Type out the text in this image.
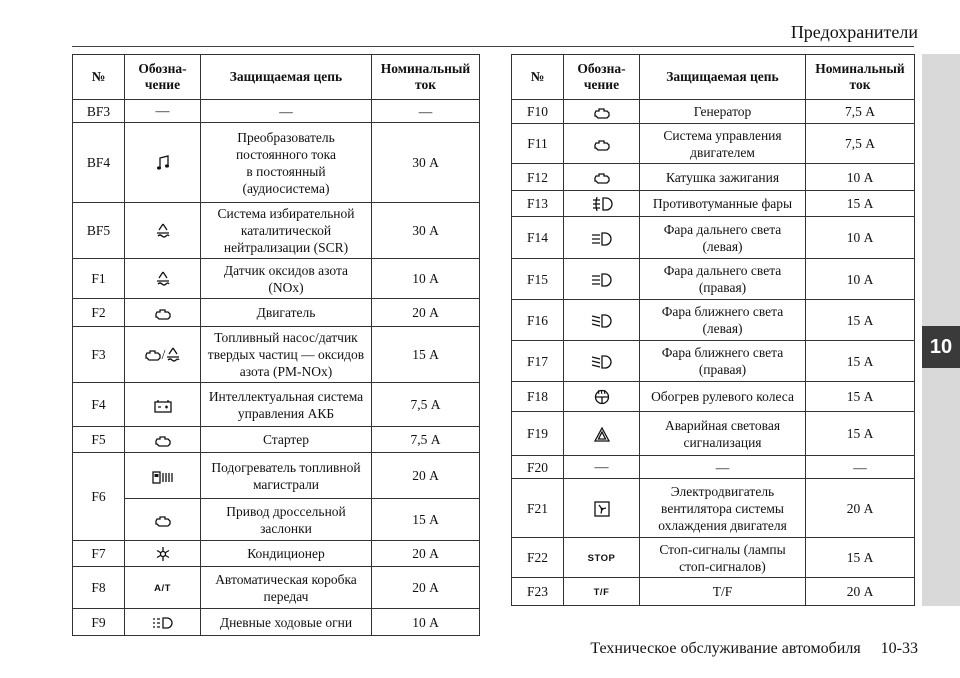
Предохранители
10
№	Обозна-
чение	Защищаемая цепь	Номинальный
ток
BF3	—	—	—
BF4		Преобразователь
постоянного тока
в постоянный
(аудиосистема)	30 А
BF5		Система избирательной
каталитической
нейтрализации (SCR)	30 А
F1		Датчик оксидов азота
(NOx)	10 А
F2		Двигатель	20 А
F3	/	Топливный насос/датчик
твердых частиц — оксидов
азота (PM-NOx)	15 А
F4		Интеллектуальная система
управления АКБ	7,5 А
F5		Стартер	7,5 А
F6		Подогреватель топливной
магистрали	20 А
	Привод дроссельной
заслонки	15 А
F7		Кондиционер	20 А
F8	A/T	Автоматическая коробка
передач	20 А
F9		Дневные ходовые огни	10 А
№	Обозна-
чение	Защищаемая цепь	Номинальный
ток
F10		Генератор	7,5 А
F11		Система управления
двигателем	7,5 А
F12		Катушка зажигания	10 А
F13		Противотуманные фары	15 А
F14		Фара дальнего света
(левая)	10 А
F15		Фара дальнего света
(правая)	10 А
F16		Фара ближнего света
(левая)	15 А
F17		Фара ближнего света
(правая)	15 А
F18		Обогрев рулевого колеса	15 А
F19		Аварийная световая
сигнализация	15 А
F20	—	—	—
F21		Электродвигатель
вентилятора системы
охлаждения двигателя	20 А
F22	STOP	Стоп-сигналы (лампы
стоп-сигналов)	15 А
F23	T/F	T/F	20 А
Техническое обслуживание автомобиля 10-33
